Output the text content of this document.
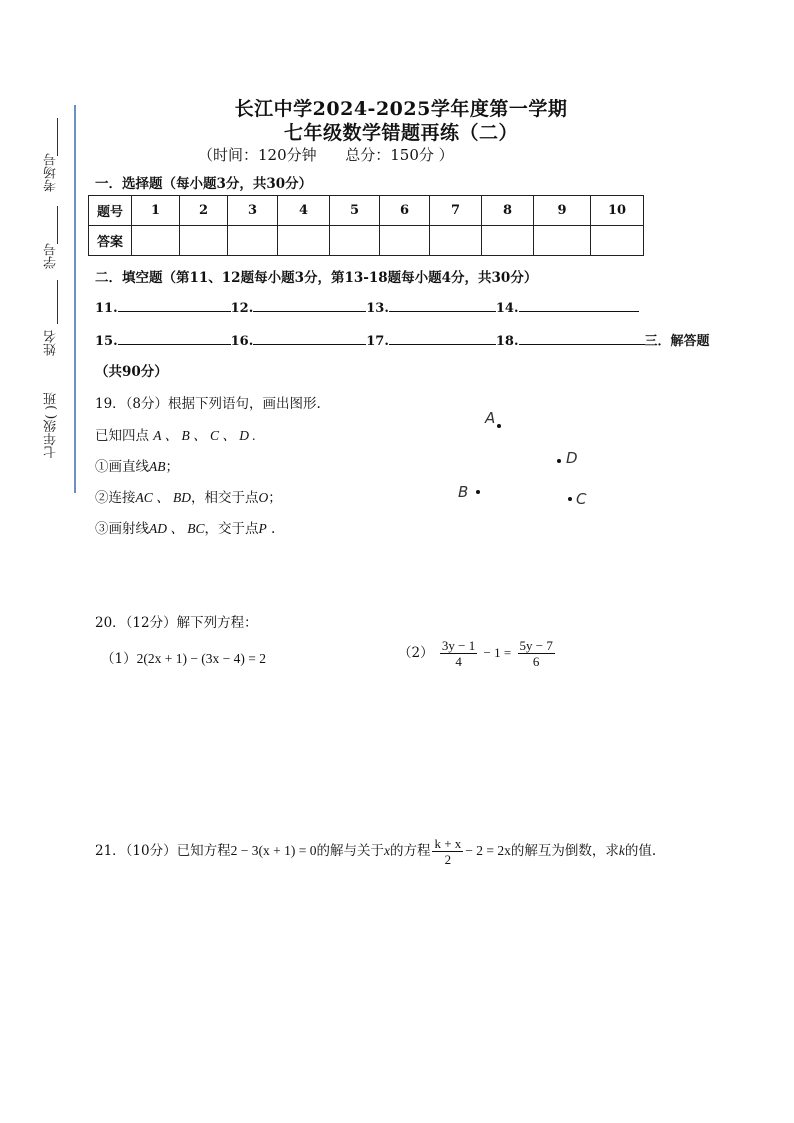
考场号
学号
姓名
七年级( )班
长江中学2024-2025学年度第一学期
七年级数学错题再练（二）
（时间：120分钟      总分：150分 ）
一．选择题（每小题3分，共30分）
题号	1	2	3	4	5	6	7	8	9	10
答案										
二．填空题（第11、12题每小题3分，第13-18题每小题4分，共30分）
11.	12.	13.	14.
15.	16.	17.	18.	三．解答题
（共90分）
19．（8分）根据下列语句，画出图形.
已知四点 A 、 B 、 C 、 D .
①画直线AB；
②连接AC 、 BD，相交于点O；
③画射线AD 、 BC，交于点P .
A
D
B	C
20．（12分）解下列方程：
（1）2(2x + 1) − (3x − 4) = 2	$(2) \frac{3y - 1}{4} - 1 = \frac{5y - 7}{6}$
21．（10分）已知方程2 − 3(x + 1) = 0的解与关于x的方程 $\frac{k + x}{2} - 2 = 2x$的解互为倒数，求k的值.
